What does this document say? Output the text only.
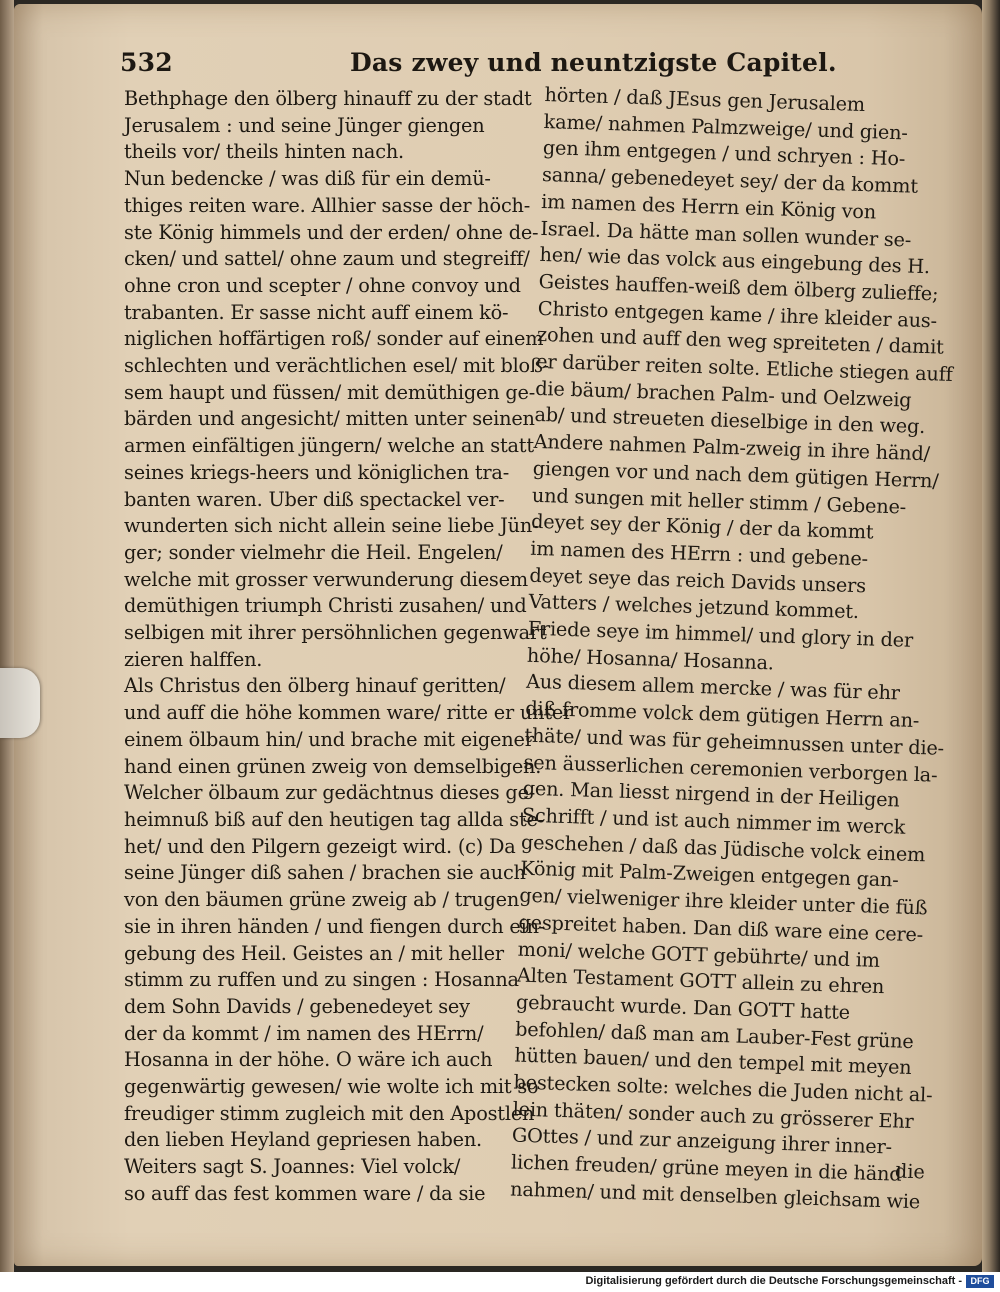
532	Das zwey und neuntzigste Capitel.
Bethphage den ölberg hinauff zu der stadt
Jerusalem : und seine Jünger giengen
theils vor/ theils hinten nach.
Nun bedencke / was diß für ein demü-
thiges reiten ware. Allhier sasse der höch-
ste König himmels und der erden/ ohne de-
cken/ und sattel/ ohne zaum und stegreiff/
ohne cron und scepter / ohne convoy und
trabanten. Er sasse nicht auff einem kö-
niglichen hoffärtigen roß/ sonder auf einem
schlechten und verächtlichen esel/ mit bloß-
sem haupt und füssen/ mit demüthigen ge-
bärden und angesicht/ mitten unter seinen
armen einfältigen jüngern/ welche an statt
seines kriegs-heers und königlichen tra-
banten waren. Uber diß spectackel ver-
wunderten sich nicht allein seine liebe Jün-
ger; sonder vielmehr die Heil. Engelen/
welche mit grosser verwunderung diesem
demüthigen triumph Christi zusahen/ und
selbigen mit ihrer persöhnlichen gegenwart
zieren halffen.
Als Christus den ölberg hinauf geritten/
und auff die höhe kommen ware/ ritte er unter
einem ölbaum hin/ und brache mit eigener
hand einen grünen zweig von demselbigen.
Welcher ölbaum zur gedächtnus dieses ge-
heimnuß biß auf den heutigen tag allda ste-
het/ und den Pilgern gezeigt wird. (c) Da
seine Jünger diß sahen / brachen sie auch
von den bäumen grüne zweig ab / trugen
sie in ihren händen / und fiengen durch ein-
gebung des Heil. Geistes an / mit heller
stimm zu ruffen und zu singen : Hosanna
dem Sohn Davids / gebenedeyet sey
der da kommt / im namen des HErrn/
Hosanna in der höhe. O wäre ich auch
gegenwärtig gewesen/ wie wolte ich mit so
freudiger stimm zugleich mit den Apostlen
den lieben Heyland gepriesen haben.
Weiters sagt S. Joannes: Viel volck/
so auff das fest kommen ware / da sie
hörten / daß JEsus gen Jerusalem
kame/ nahmen Palmzweige/ und gien-
gen ihm entgegen / und schryen : Ho-
sanna/ gebenedeyet sey/ der da kommt
im namen des Herrn ein König von
Israel. Da hätte man sollen wunder se-
hen/ wie das volck aus eingebung des H.
Geistes hauffen-weiß dem ölberg zulieffe;
Christo entgegen kame / ihre kleider aus-
zohen und auff den weg spreiteten / damit
er darüber reiten solte. Etliche stiegen auff
die bäum/ brachen Palm- und Oelzweig
ab/ und streueten dieselbige in den weg.
Andere nahmen Palm-zweig in ihre händ/
giengen vor und nach dem gütigen Herrn/
und sungen mit heller stimm / Gebene-
deyet sey der König / der da kommt
im namen des HErrn : und gebene-
deyet seye das reich Davids unsers
Vatters / welches jetzund kommet.
Friede seye im himmel/ und glory in der
höhe/ Hosanna/ Hosanna.
Aus diesem allem mercke / was für ehr
diß fromme volck dem gütigen Herrn an-
thäte/ und was für geheimnussen unter die-
sen äusserlichen ceremonien verborgen la-
gen. Man liesst nirgend in der Heiligen
Schrifft / und ist auch nimmer im werck
geschehen / daß das Jüdische volck einem
König mit Palm-Zweigen entgegen gan-
gen/ vielweniger ihre kleider unter die füß
gespreitet haben. Dan diß ware eine cere-
moni/ welche GOTT gebührte/ und im
Alten Testament GOTT allein zu ehren
gebraucht wurde. Dan GOTT hatte
befohlen/ daß man am Lauber-Fest grüne
hütten bauen/ und den tempel mit meyen
bestecken solte: welches die Juden nicht al-
lein thäten/ sonder auch zu grösserer Ehr
GOttes / und zur anzeigung ihrer inner-
lichen freuden/ grüne meyen in die händ
nahmen/ und mit denselben gleichsam wie
die
Digitalisierung gefördert durch die Deutsche Forschungsgemeinschaft - DFG
